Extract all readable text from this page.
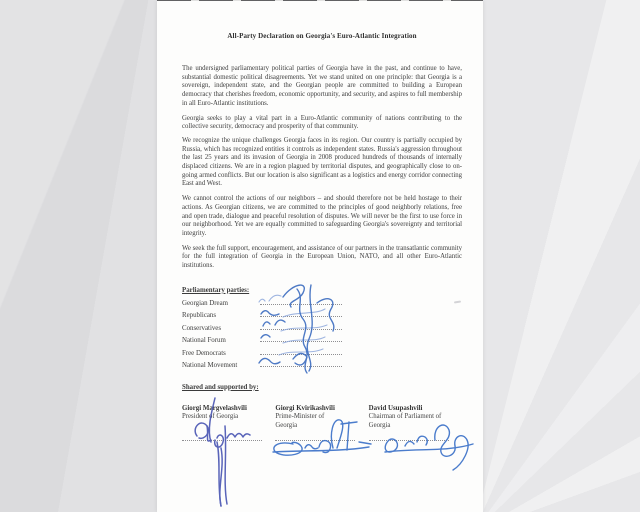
All-Party Declaration on Georgia's Euro-Atlantic Integration

The undersigned parliamentary political parties of Georgia have in the past, and continue to have, substantial domestic political disagreements. Yet we stand united on one principle: that Georgia is a sovereign, independent state, and the Georgian people are committed to building a European democracy that cherishes freedom, economic opportunity, and security, and aspires to full membership in all Euro-Atlantic institutions.

Georgia seeks to play a vital part in a Euro-Atlantic community of nations contributing to the collective security, democracy and prosperity of that community.

We recognize the unique challenges Georgia faces in its region. Our country is partially occupied by Russia, which has recognized entities it controls as independent states. Russia's aggression throughout the last 25 years and its invasion of Georgia in 2008 produced hundreds of thousands of internally displaced citizens. We are in a region plagued by territorial disputes, and geographically close to on-going armed conflicts. But our location is also significant as a logistics and energy corridor connecting East and West.

We cannot control the actions of our neighbors – and should therefore not be held hostage to their actions. As Georgian citizens, we are committed to the principles of good neighborly relations, free and open trade, dialogue and peaceful resolution of disputes. We will never be the first to use force in our neighborhood. Yet we are equally committed to safeguarding Georgia's sovereignty and territorial integrity.

We seek the full support, encouragement, and assistance of our partners in the transatlantic community for the full integration of Georgia in the European Union, NATO, and all other Euro-Atlantic institutions.

Parliamentary parties:
Georgian Dream
Republicans
Conservatives
National Forum
Free Democrats
National Movement
Shared and supported by:
Giorgi Margvelashvili
President of Georgia
Giorgi Kvirikashvili
Prime-Minister of Georgia
David Usupashvili
Chairman of Parliament of Georgia
